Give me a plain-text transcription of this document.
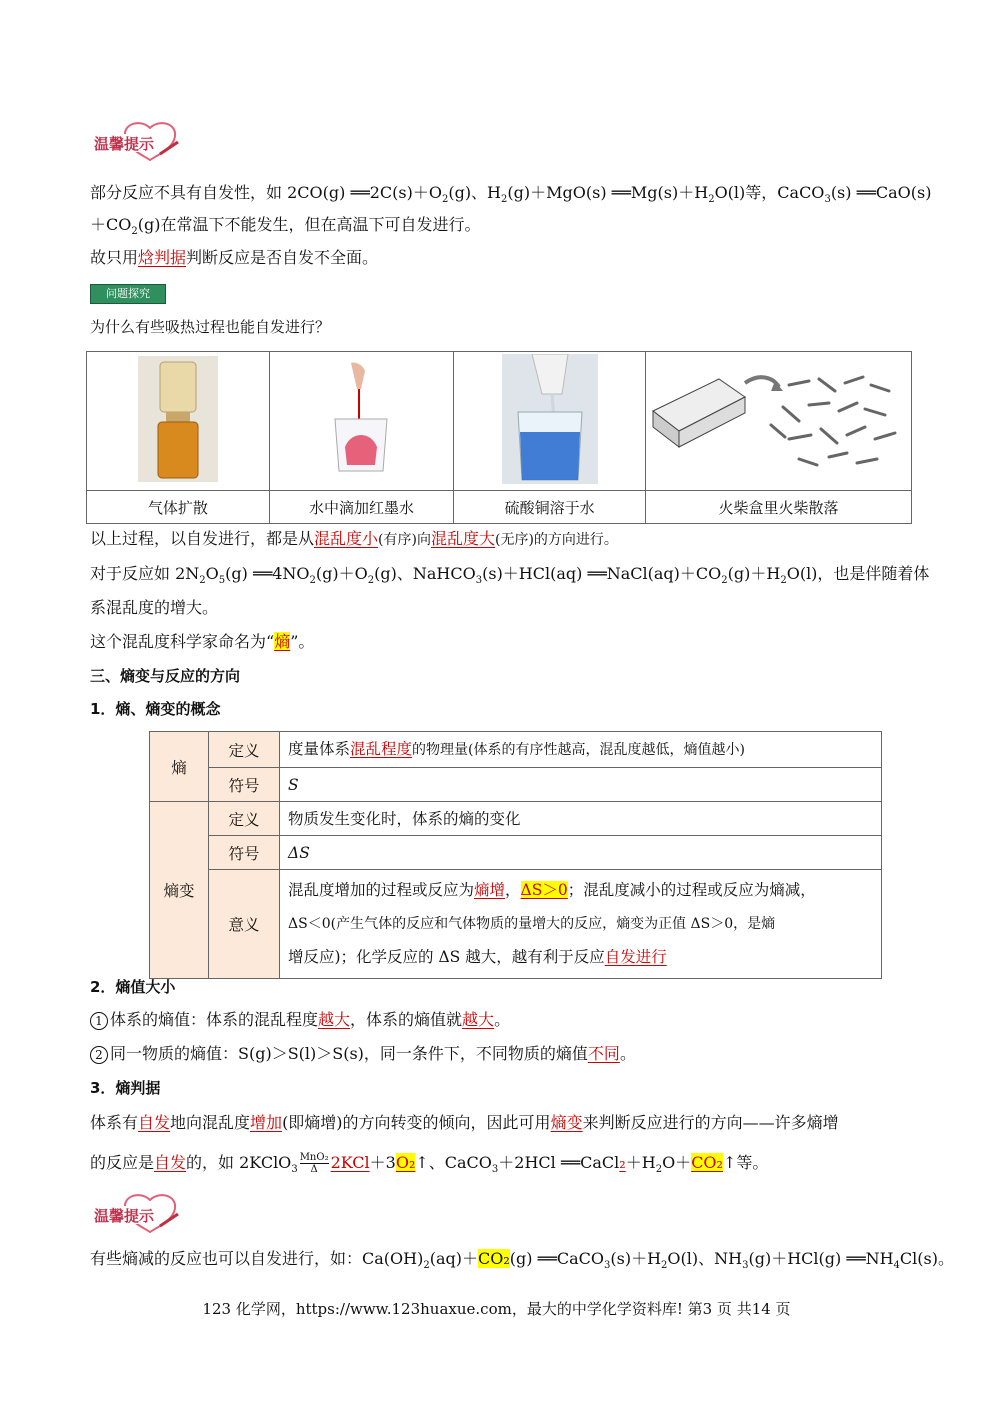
温馨提示
部分反应不具有自发性，如 2CO(g) $══2C(s)+O_2(g)$、$H_2(g)+MgO(s)$ $══Mg(s)+H_2O(l)$等，CaCO$_3$(s) ══CaO(s)
$+CO_2(g)$在常温下不能发生，但在高温下可自发进行。
故只用焓判据判断反应是否自发不全面。
问题探究
为什么有些吸热过程也能自发进行？

气体扩散	水中滴加红墨水	硫酸铜溶于水	火柴盒里火柴散落
以上过程，以自发进行，都是从混乱度小(有序)向混乱度大(无序)的方向进行。
对于反应如 $2N_2O_5(g)$ $══4NO_2(g)+O_2(g)$、NaHCO$_3$(s)＋HCl(aq) $══NaCl(aq)+CO_2(g)+H_2O(l)$，也是伴随着体
系混乱度的增大。
这个混乱度科学家命名为“熵”。
三、熵变与反应的方向
1．熵、熵变的概念
熵	定义	度量体系混乱程度的物理量(体系的有序性越高，混乱度越低，熵值越小)
	符号	S
熵变	定义	物质发生变化时，体系的熵的变化
	符号	ΔS
	意义	混乱度增加的过程或反应为熵增，ΔS＞0；混乱度减小的过程或反应为熵减，
ΔS＜0(产生气体的反应和气体物质的量增大的反应，熵变为正值 ΔS＞0，是熵
增反应)；化学反应的 ΔS 越大，越有利于反应自发进行
2．熵值大小
1 体系的熵值：体系的混乱程度越大，体系的熵值就越大。
2 同一物质的熵值：S(g)＞S(l)＞S(s)，同一条件下，不同物质的熵值不同。
3．熵判据
体系有自发地向混乱度增加(即熵增)的方向转变的倾向，因此可用熵变来判断反应进行的方向——许多熵增
的反应是自发的，如 2KClO$_3$
MnO₂
Δ 2KCl＋3O₂↑、CaCO$_3$＋2HCl $══CaCl_2+H_2O+CO_2↑$等。
温馨提示
有些熵减的反应也可以自发进行，如：$Ca(OH)_2(aq)+CO_2(g)$ $══CaCO_3(s)+H_2O(l)$、$NH_3(g)+HCl(g)$ $══NH_4Cl(s)$。
123 化学网，https://www.123huaxue.com，最大的中学化学资料库! 第3 页 共14 页
